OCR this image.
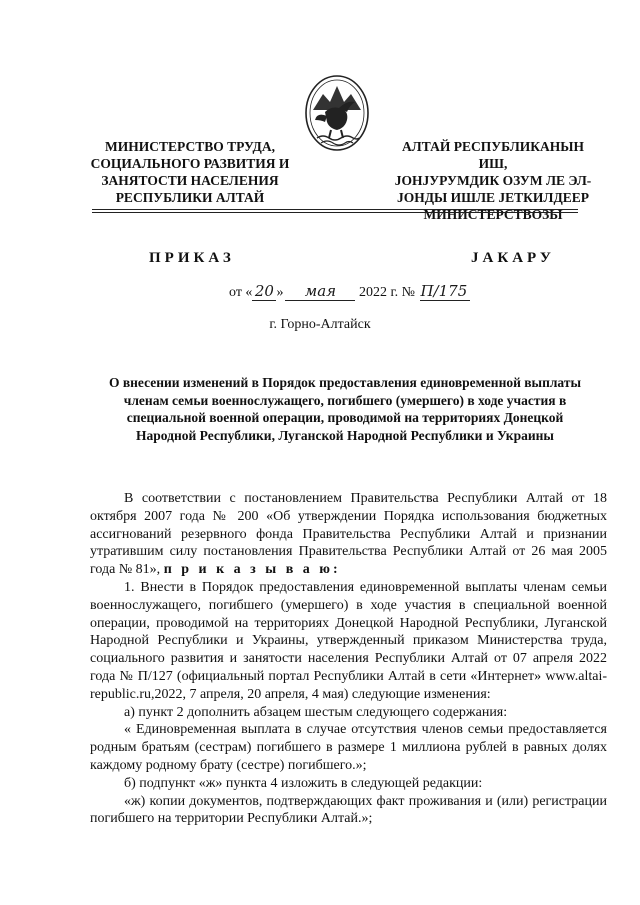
МИНИСТЕРСТВО ТРУДА,
СОЦИАЛЬНОГО РАЗВИТИЯ И
ЗАНЯТОСТИ НАСЕЛЕНИЯ
РЕСПУБЛИКИ АЛТАЙ
АЛТАЙ РЕСПУБЛИКАНЫН ИШ,
ЈОНЈУРУМДИК ОЗУМ ЛЕ ЭЛ-
ЈОНДЫ ИШЛЕ ЈЕТКИЛДЕЕР
МИНИСТЕРСТВОЗЫ
ПРИКАЗ	ЈАКАРУ
от « 20 » мая 2022 г. № П/175
г. Горно-Алтайск
О внесении изменений в Порядок предоставления единовременной выплаты членам семьи военнослужащего, погибшего (умершего) в ходе участия в специальной военной операции, проводимой на территориях Донецкой Народной Республики, Луганской Народной Республики и Украины

В соответствии с постановлением Правительства Республики Алтай от 18 октября 2007 года № 200 «Об утверждении Порядка использования бюджетных ассигнований резервного фонда Правительства Республики Алтай и признании утратившим силу постановления Правительства Республики Алтай от 26 мая 2005 года № 81», п р и к а з ы в а ю:

1. Внести в Порядок предоставления единовременной выплаты членам семьи военнослужащего, погибшего (умершего) в ходе участия в специальной военной операции, проводимой на территориях Донецкой Народной Республики, Луганской Народной Республики и Украины, утвержденный приказом Министерства труда, социального развития и занятости населения Республики Алтай от 07 апреля 2022 года № П/127 (официальный портал Республики Алтай в сети «Интернет» www.altai-republic.ru,2022, 7 апреля, 20 апреля, 4 мая) следующие изменения:

а) пункт 2 дополнить абзацем шестым следующего содержания:

« Единовременная выплата в случае отсутствия членов семьи предоставляется родным братьям (сестрам) погибшего в размере 1 миллиона рублей в равных долях каждому родному брату (сестре) погибшего.»;

б) подпункт «ж» пункта 4 изложить в следующей редакции:

«ж) копии документов, подтверждающих факт проживания и (или) регистрации погибшего на территории Республики Алтай.»;
